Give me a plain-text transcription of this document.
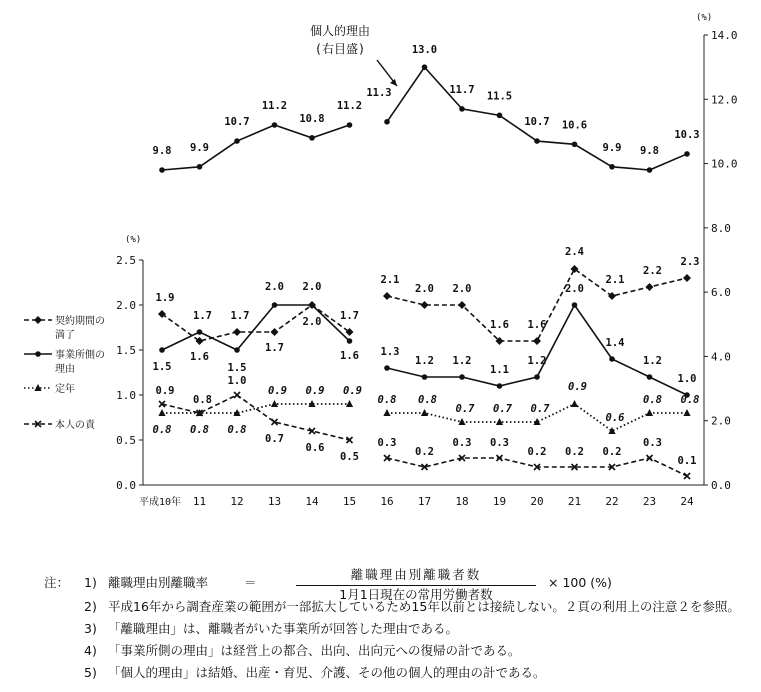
0.0
0.5
1.0
1.5
2.0
2.5
(%)
0.0
2.0
4.0
6.0
8.0
10.0
12.0
14.0
(%)
平成10年 11 12 13 14 15 16 17 18 19 20 21 22 23 24
9.8 9.9
10.7
11.2
10.8
11.2
11.3
13.0
11.7
11.5
10.7 10.6
9.9 9.8
10.3
1.9
1.6
1.7
1.7
2.0 1.7
2.1
2.0 2.0
1.6 1.6
2.4
2.1
2.2
2.3
1.5
1.7
1.5
2.0 2.0
1.6 1.3
1.2 1.2
1.1
1.2
2.0
1.4
1.2
1.0
0.8 0.8 0.8
0.9 0.9 0.9
0.8 0.8
0.7 0.7 0.7
0.9
0.6
0.8 0.8
0.9
0.8
1.0
0.7
0.6
0.5
0.3
0.2
0.3 0.3
0.2 0.2 0.2
0.3
0.1
個人的理由
(右目盛)
契約期間の
満了
事業所側の
理由
定年
本人の責
注： 1) 離職理由別離職率	＝
離職理由別離職者数
1月1日現在の常用労働者数
× 100 (%)
2) 平成16年から調査産業の範囲が一部拡大しているため15年以前とは接続しない。２頁の利用上の注意２を参照。
3) 「離職理由」は、離職者がいた事業所が回答した理由である。
4) 「事業所側の理由」は経営上の都合、出向、出向元への復帰の計である。
5) 「個人的理由」は結婚、出産・育児、介護、その他の個人的理由の計である。
